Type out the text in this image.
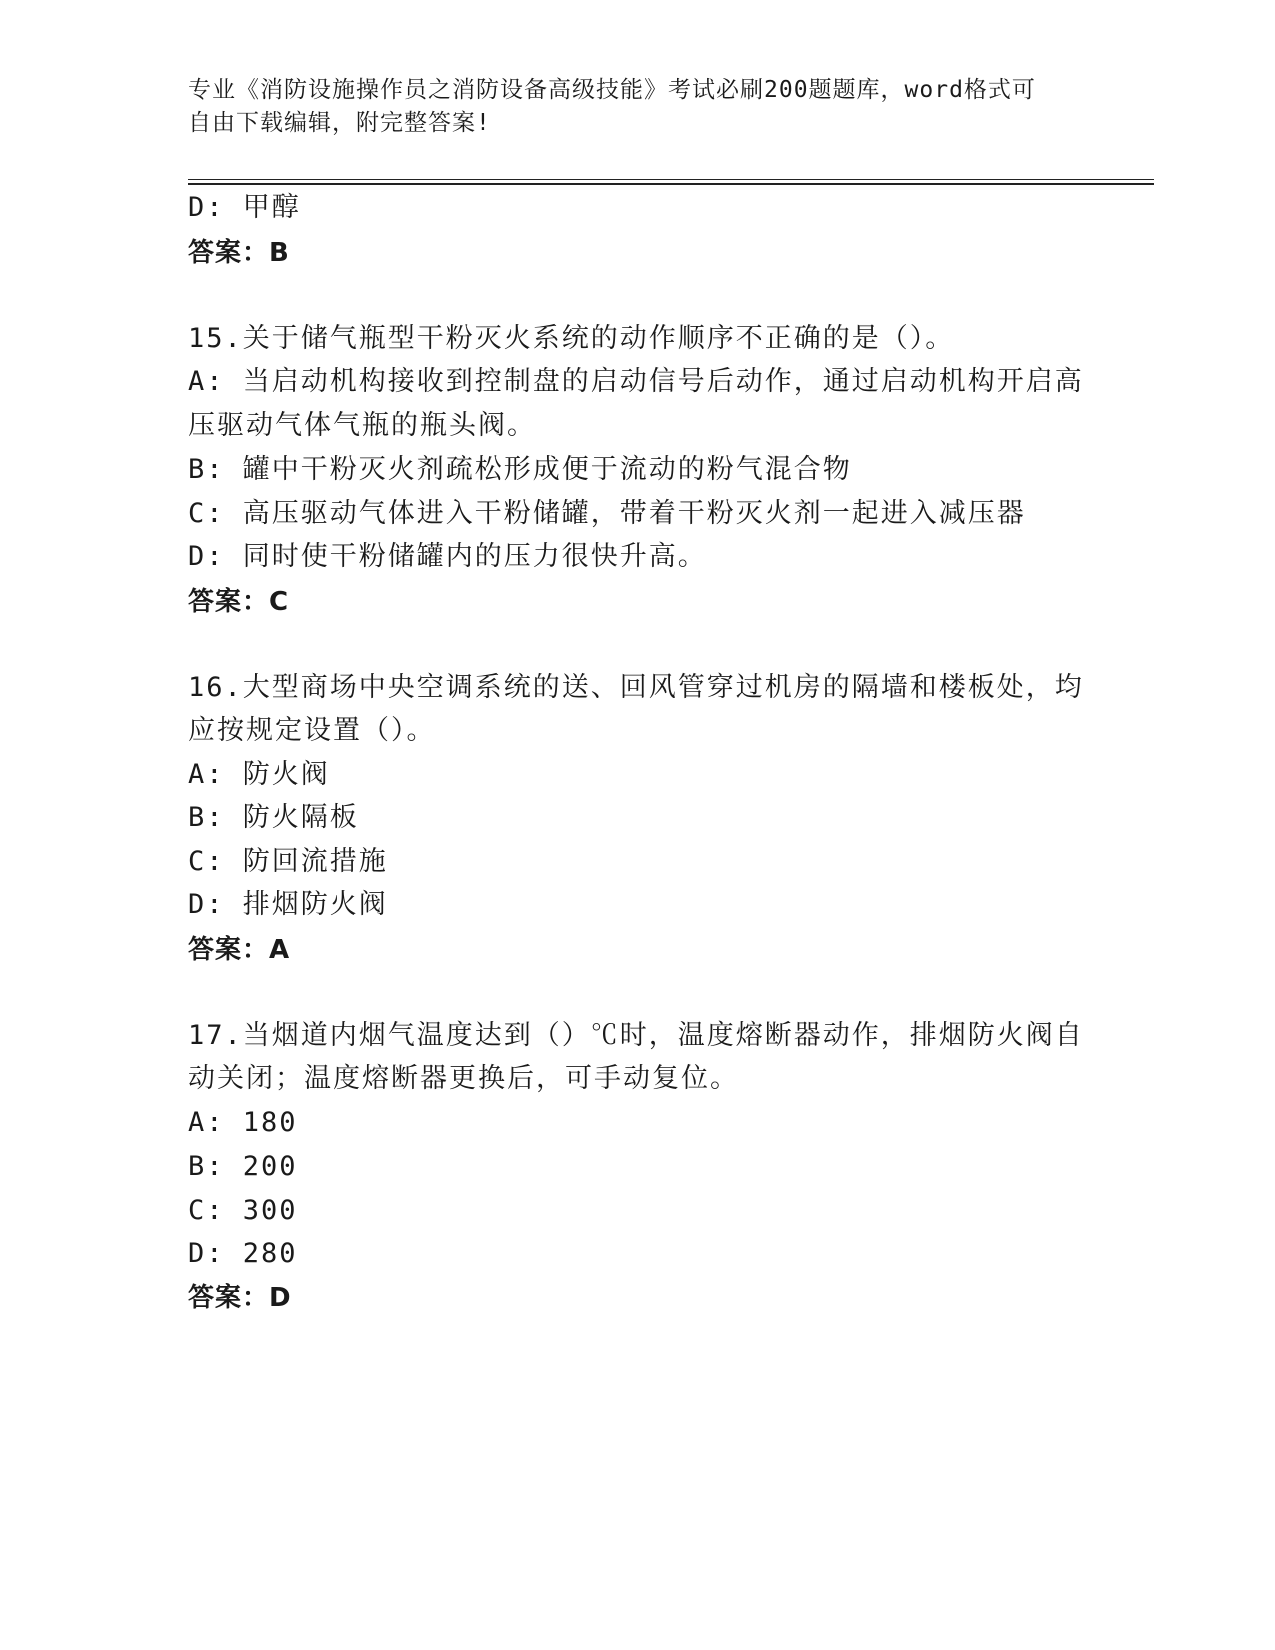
专业《消防设施操作员之消防设备高级技能》考试必刷200题题库，word格式可
自由下载编辑，附完整答案!
D: 甲醇
答案：B
15.关于储气瓶型干粉灭火系统的动作顺序不正确的是（）。
A: 当启动机构接收到控制盘的启动信号后动作，通过启动机构开启高
压驱动气体气瓶的瓶头阀。
B: 罐中干粉灭火剂疏松形成便于流动的粉气混合物
C: 高压驱动气体进入干粉储罐，带着干粉灭火剂一起进入减压器
D: 同时使干粉储罐内的压力很快升高。
答案：C
16.大型商场中央空调系统的送、回风管穿过机房的隔墙和楼板处，均
应按规定设置（）。
A: 防火阀
B: 防火隔板
C: 防回流措施
D: 排烟防火阀
答案：A
17.当烟道内烟气温度达到（）℃时，温度熔断器动作，排烟防火阀自
动关闭；温度熔断器更换后，可手动复位。
A: 180
B: 200
C: 300
D: 280
答案：D
